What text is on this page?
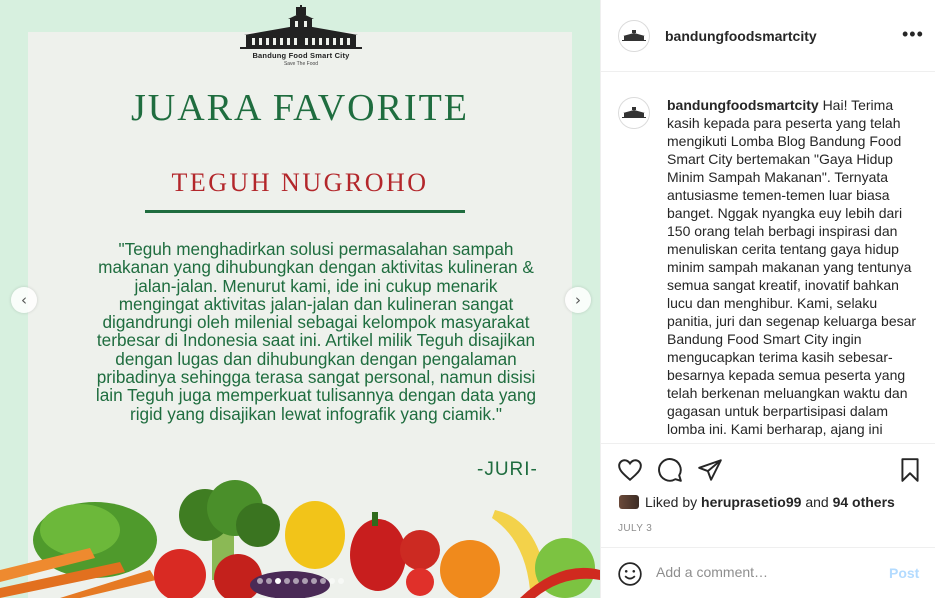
Bandung Food Smart City
Save The Food
JUARA FAVORITE
TEGUH NUGROHO
"Teguh menghadirkan solusi permasalahan sampah makanan yang dihubungkan dengan aktivitas kulineran & jalan-jalan. Menurut kami, ide ini cukup menarik mengingat aktivitas jalan-jalan dan kulineran sangat digandrungi oleh milenial sebagai kelompok masyarakat terbesar di Indonesia saat ini. Artikel milik Teguh disajikan dengan lugas dan dihubungkan dengan pengalaman pribadinya sehingga terasa sangat personal, namun disisi lain Teguh juga memperkuat tulisannya dengan data yang rigid yang disajikan lewat infografik yang ciamik."
-JURI-
‹	›
bandungfoodsmartcity	•••
bandungfoodsmartcity Hai! Terima kasih kepada para peserta yang telah mengikuti Lomba Blog Bandung Food Smart City bertemakan "Gaya Hidup Minim Sampah Makanan". Ternyata antusiasme temen-temen luar biasa banget. Nggak nyangka euy lebih dari 150 orang telah berbagi inspirasi dan menuliskan cerita tentang gaya hidup minim sampah makanan yang tentunya semua sangat kreatif, inovatif bahkan lucu dan menghibur. Kami, selaku panitia, juri dan segenap keluarga besar Bandung Food Smart City ingin mengucapkan terima kasih sebesar-besarnya kepada semua peserta yang telah berkenan meluangkan waktu dan gagasan untuk berpartisipasi dalam lomba ini. Kami berharap, ajang ini
Liked by
heruprasetio99
and
94 others
JULY 3
Add a comment…
Post
